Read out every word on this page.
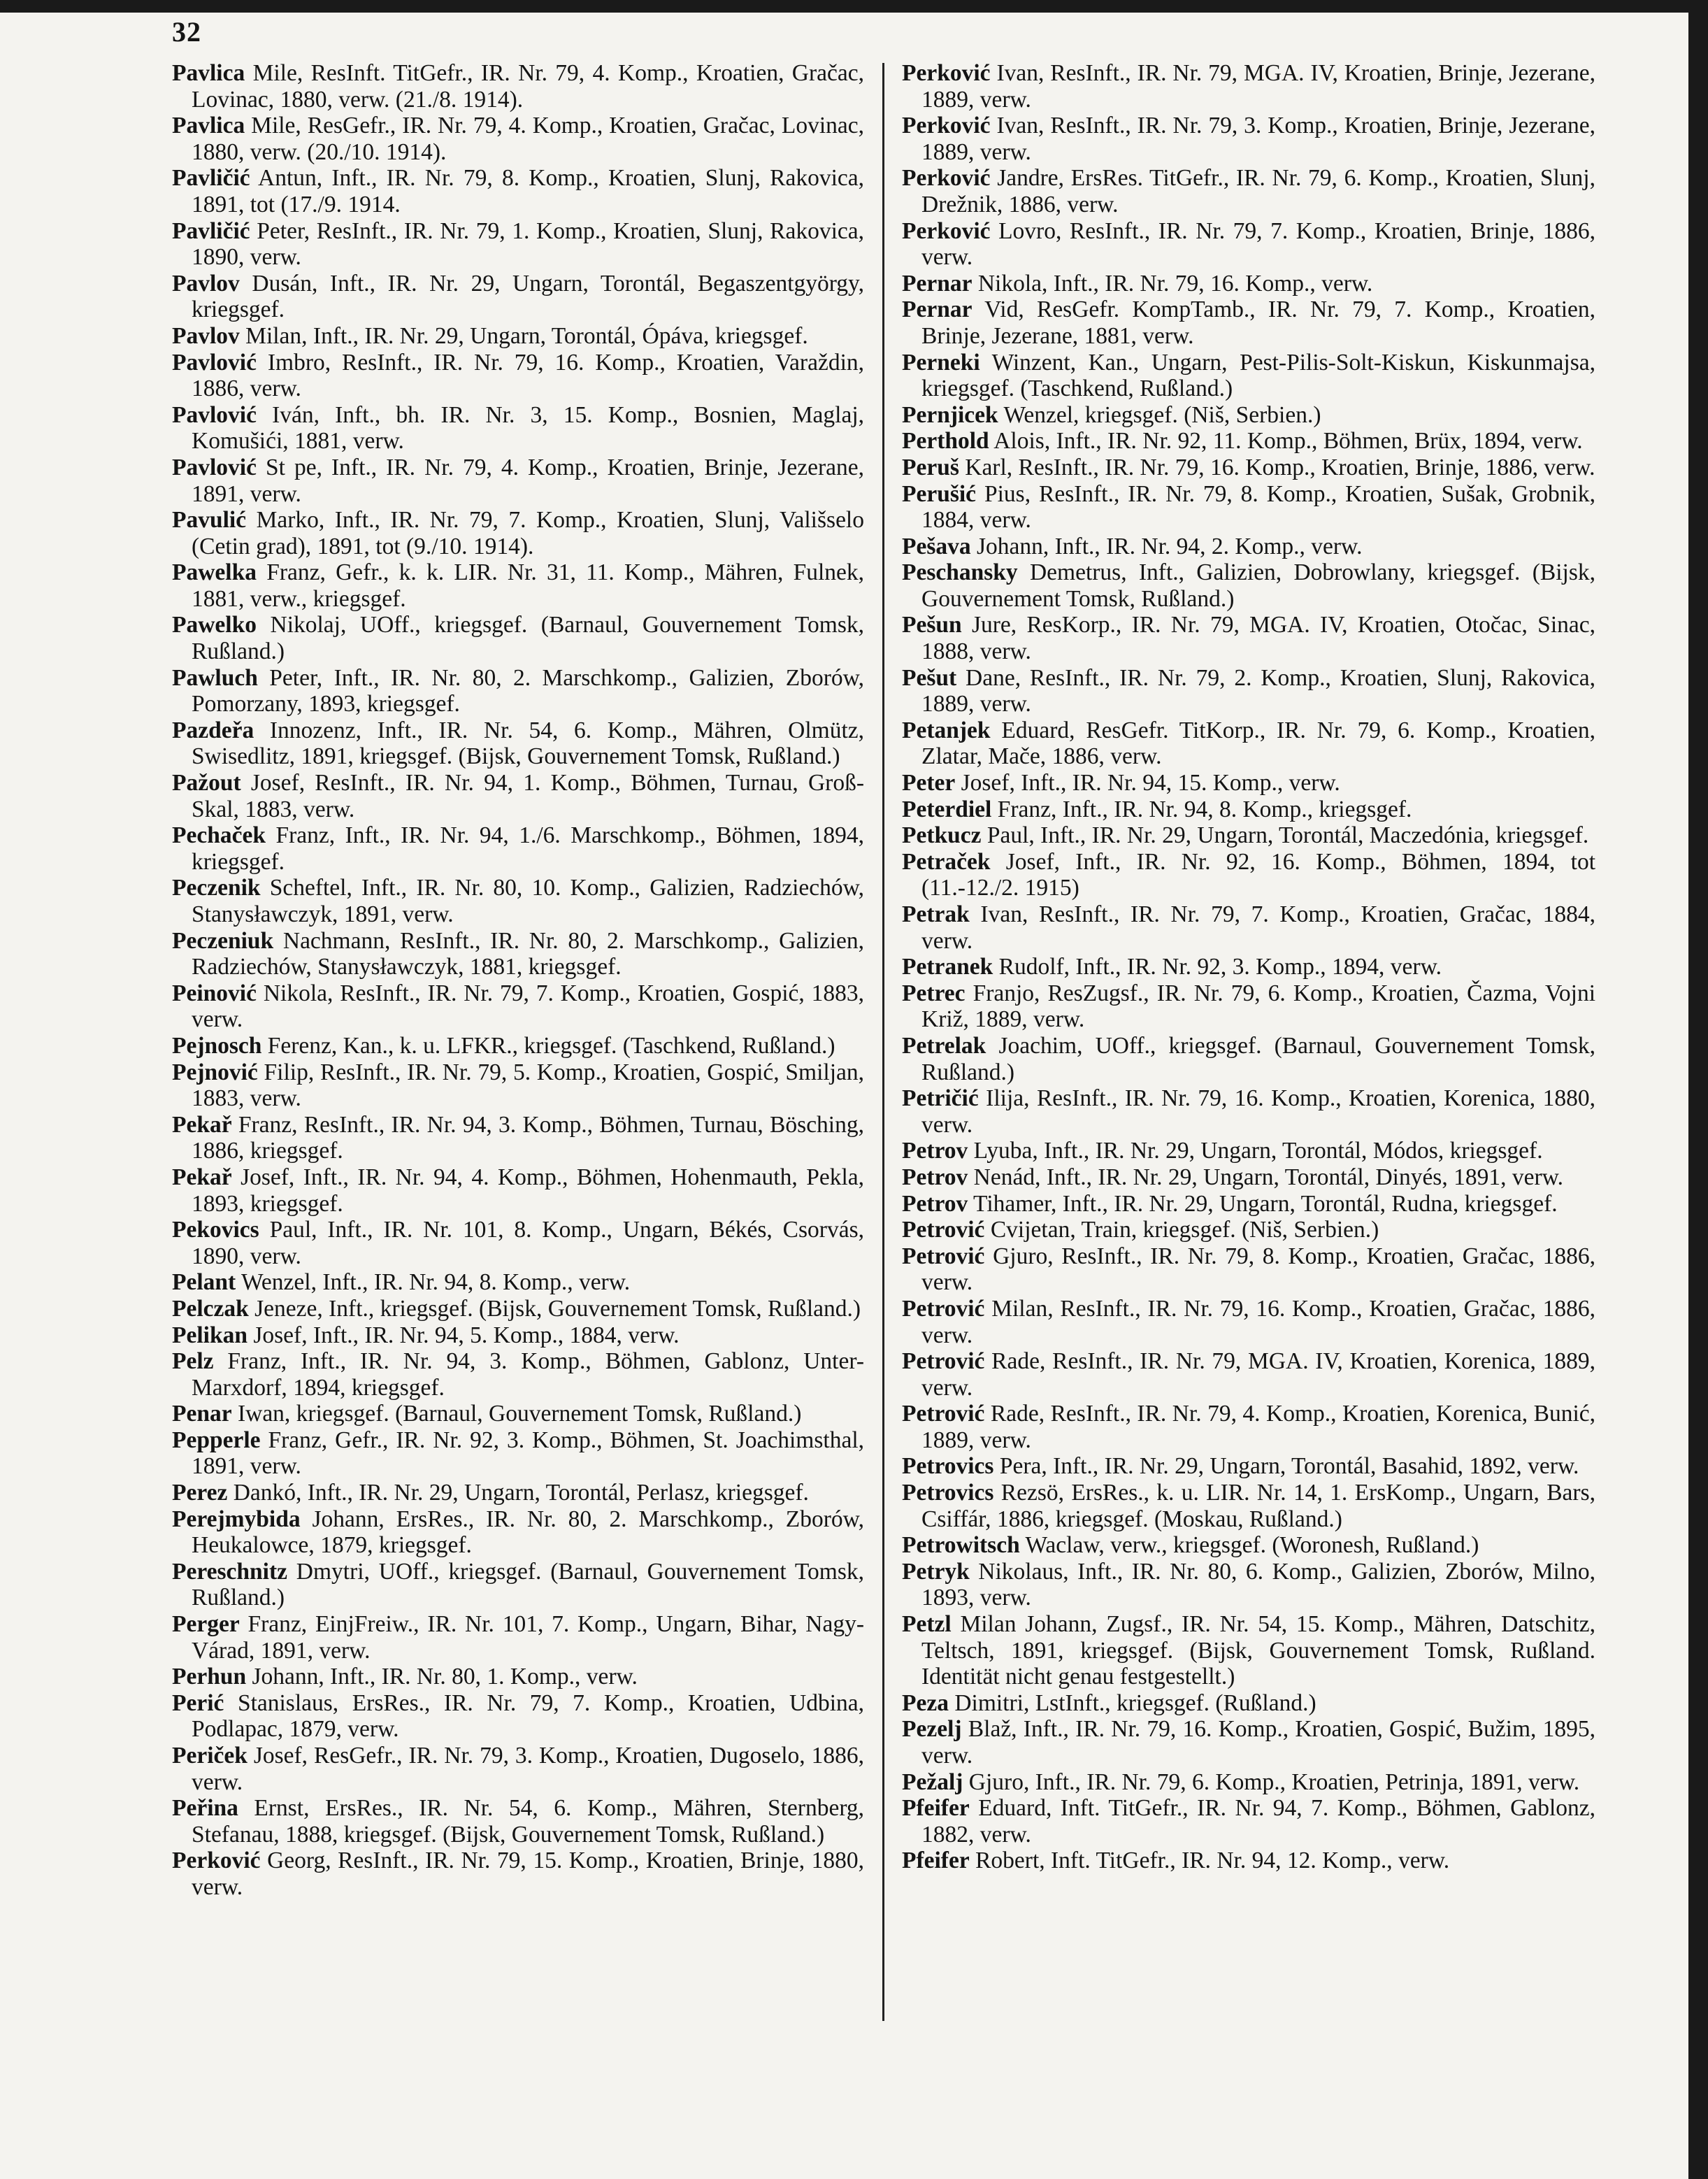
32

Pavlica Mile, ResInft. TitGefr., IR. Nr. 79, 4. Komp., Kroatien, Gračac, Lovinac, 1880, verw. (21./8. 1914).

Pavlica Mile, ResGefr., IR. Nr. 79, 4. Komp., Kroatien, Gračac, Lovinac, 1880, verw. (20./10. 1914).

Pavličić Antun, Inft., IR. Nr. 79, 8. Komp., Kroatien, Slunj, Rakovica, 1891, tot (17./9. 1914.

Pavličić Peter, ResInft., IR. Nr. 79, 1. Komp., Kroatien, Slunj, Rakovica, 1890, verw.

Pavlov Dusán, Inft., IR. Nr. 29, Ungarn, Torontál, Begaszentgyörgy, kriegsgef.

Pavlov Milan, Inft., IR. Nr. 29, Ungarn, Torontál, Ópáva, kriegsgef.

Pavlović Imbro, ResInft., IR. Nr. 79, 16. Komp., Kroatien, Varaždin, 1886, verw.

Pavlović Iván, Inft., bh. IR. Nr. 3, 15. Komp., Bosnien, Maglaj, Komušići, 1881, verw.

Pavlović St pe, Inft., IR. Nr. 79, 4. Komp., Kroatien, Brinje, Jezerane, 1891, verw.

Pavulić Marko, Inft., IR. Nr. 79, 7. Komp., Kroatien, Slunj, Vališselo (Cetin grad), 1891, tot (9./10. 1914).

Pawelka Franz, Gefr., k. k. LIR. Nr. 31, 11. Komp., Mähren, Fulnek, 1881, verw., kriegsgef.

Pawelko Nikolaj, UOff., kriegsgef. (Barnaul, Gouvernement Tomsk, Rußland.)

Pawluch Peter, Inft., IR. Nr. 80, 2. Marschkomp., Galizien, Zborów, Pomorzany, 1893, kriegsgef.

Pazdeřa Innozenz, Inft., IR. Nr. 54, 6. Komp., Mähren, Olmütz, Swisedlitz, 1891, kriegsgef. (Bijsk, Gouvernement Tomsk, Rußland.)

Pažout Josef, ResInft., IR. Nr. 94, 1. Komp., Böhmen, Turnau, Groß-Skal, 1883, verw.

Pechaček Franz, Inft., IR. Nr. 94, 1./6. Marschkomp., Böhmen, 1894, kriegsgef.

Peczenik Scheftel, Inft., IR. Nr. 80, 10. Komp., Galizien, Radziechów, Stanysławczyk, 1891, verw.

Peczeniuk Nachmann, ResInft., IR. Nr. 80, 2. Marschkomp., Galizien, Radziechów, Stanysławczyk, 1881, kriegsgef.

Peinović Nikola, ResInft., IR. Nr. 79, 7. Komp., Kroatien, Gospić, 1883, verw.

Pejnosch Ferenz, Kan., k. u. LFKR., kriegsgef. (Taschkend, Rußland.)

Pejnović Filip, ResInft., IR. Nr. 79, 5. Komp., Kroatien, Gospić, Smiljan, 1883, verw.

Pekař Franz, ResInft., IR. Nr. 94, 3. Komp., Böhmen, Turnau, Bösching, 1886, kriegsgef.

Pekař Josef, Inft., IR. Nr. 94, 4. Komp., Böhmen, Hohenmauth, Pekla, 1893, kriegsgef.

Pekovics Paul, Inft., IR. Nr. 101, 8. Komp., Ungarn, Békés, Csorvás, 1890, verw.

Pelant Wenzel, Inft., IR. Nr. 94, 8. Komp., verw.

Pelczak Jeneze, Inft., kriegsgef. (Bijsk, Gouvernement Tomsk, Rußland.)

Pelikan Josef, Inft., IR. Nr. 94, 5. Komp., 1884, verw.

Pelz Franz, Inft., IR. Nr. 94, 3. Komp., Böhmen, Gablonz, Unter-Marxdorf, 1894, kriegsgef.

Penar Iwan, kriegsgef. (Barnaul, Gouvernement Tomsk, Rußland.)

Pepperle Franz, Gefr., IR. Nr. 92, 3. Komp., Böhmen, St. Joachimsthal, 1891, verw.

Perez Dankó, Inft., IR. Nr. 29, Ungarn, Torontál, Perlasz, kriegsgef.

Perejmybida Johann, ErsRes., IR. Nr. 80, 2. Marschkomp., Zborów, Heukalowce, 1879, kriegsgef.

Pereschnitz Dmytri, UOff., kriegsgef. (Barnaul, Gouvernement Tomsk, Rußland.)

Perger Franz, EinjFreiw., IR. Nr. 101, 7. Komp., Ungarn, Bihar, Nagy-Várad, 1891, verw.

Perhun Johann, Inft., IR. Nr. 80, 1. Komp., verw.

Perić Stanislaus, ErsRes., IR. Nr. 79, 7. Komp., Kroatien, Udbina, Podlapac, 1879, verw.

Periček Josef, ResGefr., IR. Nr. 79, 3. Komp., Kroatien, Dugoselo, 1886, verw.

Peřina Ernst, ErsRes., IR. Nr. 54, 6. Komp., Mähren, Sternberg, Stefanau, 1888, kriegsgef. (Bijsk, Gouvernement Tomsk, Rußland.)

Perković Georg, ResInft., IR. Nr. 79, 15. Komp., Kroatien, Brinje, 1880, verw.

Perković Ivan, ResInft., IR. Nr. 79, MGA. IV, Kroatien, Brinje, Jezerane, 1889, verw.

Perković Ivan, ResInft., IR. Nr. 79, 3. Komp., Kroatien, Brinje, Jezerane, 1889, verw.

Perković Jandre, ErsRes. TitGefr., IR. Nr. 79, 6. Komp., Kroatien, Slunj, Drežnik, 1886, verw.

Perković Lovro, ResInft., IR. Nr. 79, 7. Komp., Kroatien, Brinje, 1886, verw.

Pernar Nikola, Inft., IR. Nr. 79, 16. Komp., verw.

Pernar Vid, ResGefr. KompTamb., IR. Nr. 79, 7. Komp., Kroatien, Brinje, Jezerane, 1881, verw.

Perneki Winzent, Kan., Ungarn, Pest-Pilis-Solt-Kiskun, Kiskunmajsa, kriegsgef. (Taschkend, Rußland.)

Pernjicek Wenzel, kriegsgef. (Niš, Serbien.)

Perthold Alois, Inft., IR. Nr. 92, 11. Komp., Böhmen, Brüx, 1894, verw.

Peruš Karl, ResInft., IR. Nr. 79, 16. Komp., Kroatien, Brinje, 1886, verw.

Perušić Pius, ResInft., IR. Nr. 79, 8. Komp., Kroatien, Sušak, Grobnik, 1884, verw.

Pešava Johann, Inft., IR. Nr. 94, 2. Komp., verw.

Peschansky Demetrus, Inft., Galizien, Dobrowlany, kriegsgef. (Bijsk, Gouvernement Tomsk, Rußland.)

Pešun Jure, ResKorp., IR. Nr. 79, MGA. IV, Kroatien, Otočac, Sinac, 1888, verw.

Pešut Dane, ResInft., IR. Nr. 79, 2. Komp., Kroatien, Slunj, Rakovica, 1889, verw.

Petanjek Eduard, ResGefr. TitKorp., IR. Nr. 79, 6. Komp., Kroatien, Zlatar, Mače, 1886, verw.

Peter Josef, Inft., IR. Nr. 94, 15. Komp., verw.

Peterdiel Franz, Inft., IR. Nr. 94, 8. Komp., kriegsgef.

Petkucz Paul, Inft., IR. Nr. 29, Ungarn, Torontál, Maczedónia, kriegsgef.

Petraček Josef, Inft., IR. Nr. 92, 16. Komp., Böhmen, 1894, tot (11.-12./2. 1915)

Petrak Ivan, ResInft., IR. Nr. 79, 7. Komp., Kroatien, Gračac, 1884, verw.

Petranek Rudolf, Inft., IR. Nr. 92, 3. Komp., 1894, verw.

Petrec Franjo, ResZugsf., IR. Nr. 79, 6. Komp., Kroatien, Čazma, Vojni Križ, 1889, verw.

Petrelak Joachim, UOff., kriegsgef. (Barnaul, Gouvernement Tomsk, Rußland.)

Petričić Ilija, ResInft., IR. Nr. 79, 16. Komp., Kroatien, Korenica, 1880, verw.

Petrov Lyuba, Inft., IR. Nr. 29, Ungarn, Torontál, Módos, kriegsgef.

Petrov Nenád, Inft., IR. Nr. 29, Ungarn, Torontál, Dinyés, 1891, verw.

Petrov Tihamer, Inft., IR. Nr. 29, Ungarn, Torontál, Rudna, kriegsgef.

Petrović Cvijetan, Train, kriegsgef. (Niš, Serbien.)

Petrović Gjuro, ResInft., IR. Nr. 79, 8. Komp., Kroatien, Gračac, 1886, verw.

Petrović Milan, ResInft., IR. Nr. 79, 16. Komp., Kroatien, Gračac, 1886, verw.

Petrović Rade, ResInft., IR. Nr. 79, MGA. IV, Kroatien, Korenica, 1889, verw.

Petrović Rade, ResInft., IR. Nr. 79, 4. Komp., Kroatien, Korenica, Bunić, 1889, verw.

Petrovics Pera, Inft., IR. Nr. 29, Ungarn, Torontál, Basahid, 1892, verw.

Petrovics Rezsö, ErsRes., k. u. LIR. Nr. 14, 1. ErsKomp., Ungarn, Bars, Csiffár, 1886, kriegsgef. (Moskau, Rußland.)

Petrowitsch Waclaw, verw., kriegsgef. (Woronesh, Rußland.)

Petryk Nikolaus, Inft., IR. Nr. 80, 6. Komp., Galizien, Zborów, Milno, 1893, verw.

Petzl Milan Johann, Zugsf., IR. Nr. 54, 15. Komp., Mähren, Datschitz, Teltsch, 1891, kriegsgef. (Bijsk, Gouvernement Tomsk, Rußland. Identität nicht genau festgestellt.)

Peza Dimitri, LstInft., kriegsgef. (Rußland.)

Pezelj Blaž, Inft., IR. Nr. 79, 16. Komp., Kroatien, Gospić, Bužim, 1895, verw.

Pežalj Gjuro, Inft., IR. Nr. 79, 6. Komp., Kroatien, Petrinja, 1891, verw.

Pfeifer Eduard, Inft. TitGefr., IR. Nr. 94, 7. Komp., Böhmen, Gablonz, 1882, verw.

Pfeifer Robert, Inft. TitGefr., IR. Nr. 94, 12. Komp., verw.
